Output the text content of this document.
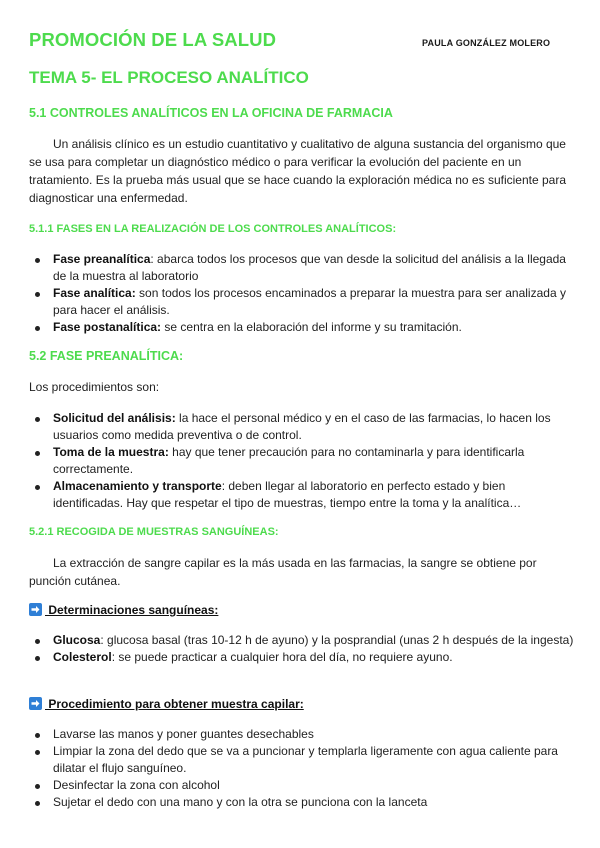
PROMOCIÓN DE LA SALUD	PAULA GONZÁLEZ MOLERO
TEMA 5- EL PROCESO ANALÍTICO
5.1 CONTROLES ANALÍTICOS EN LA OFICINA DE FARMACIA

Un análisis clínico es un estudio cuantitativo y cualitativo de alguna sustancia del organismo que se usa para completar un diagnóstico médico o para verificar la evolución del paciente en un tratamiento. Es la prueba más usual que se hace cuando la exploración médica no es suficiente para diagnosticar una enfermedad.

5.1.1 FASES EN LA REALIZACIÓN DE LOS CONTROLES ANALÍTICOS:
Fase preanalítica: abarca todos los procesos que van desde la solicitud del análisis a la llegada de la muestra al laboratorio
Fase analítica: son todos los procesos encaminados a preparar la muestra para ser analizada y para hacer el análisis.
Fase postanalítica: se centra en la elaboración del informe y su tramitación.
5.2 FASE PREANALÍTICA:

Los procedimientos son:

Solicitud del análisis: la hace el personal médico y en el caso de las farmacias, lo hacen los usuarios como medida preventiva o de control.
Toma de la muestra: hay que tener precaución para no contaminarla y para identificarla correctamente.
Almacenamiento y transporte: deben llegar al laboratorio en perfecto estado y bien identificadas. Hay que respetar el tipo de muestras, tiempo entre la toma y la analítica…
5.2.1 RECOGIDA DE MUESTRAS SANGUÍNEAS:

La extracción de sangre capilar es la más usada en las farmacias, la sangre se obtiene por punción cutánea.

Determinaciones sanguíneas:
Glucosa: glucosa basal (tras 10-12 h de ayuno) y la posprandial (unas 2 h después de la ingesta)
Colesterol: se puede practicar a cualquier hora del día, no requiere ayuno.
Procedimiento para obtener muestra capilar:
Lavarse las manos y poner guantes desechables
Limpiar la zona del dedo que se va a puncionar y templarla ligeramente con agua caliente para dilatar el flujo sanguíneo.
Desinfectar la zona con alcohol
Sujetar el dedo con una mano y con la otra se punciona con la lanceta
